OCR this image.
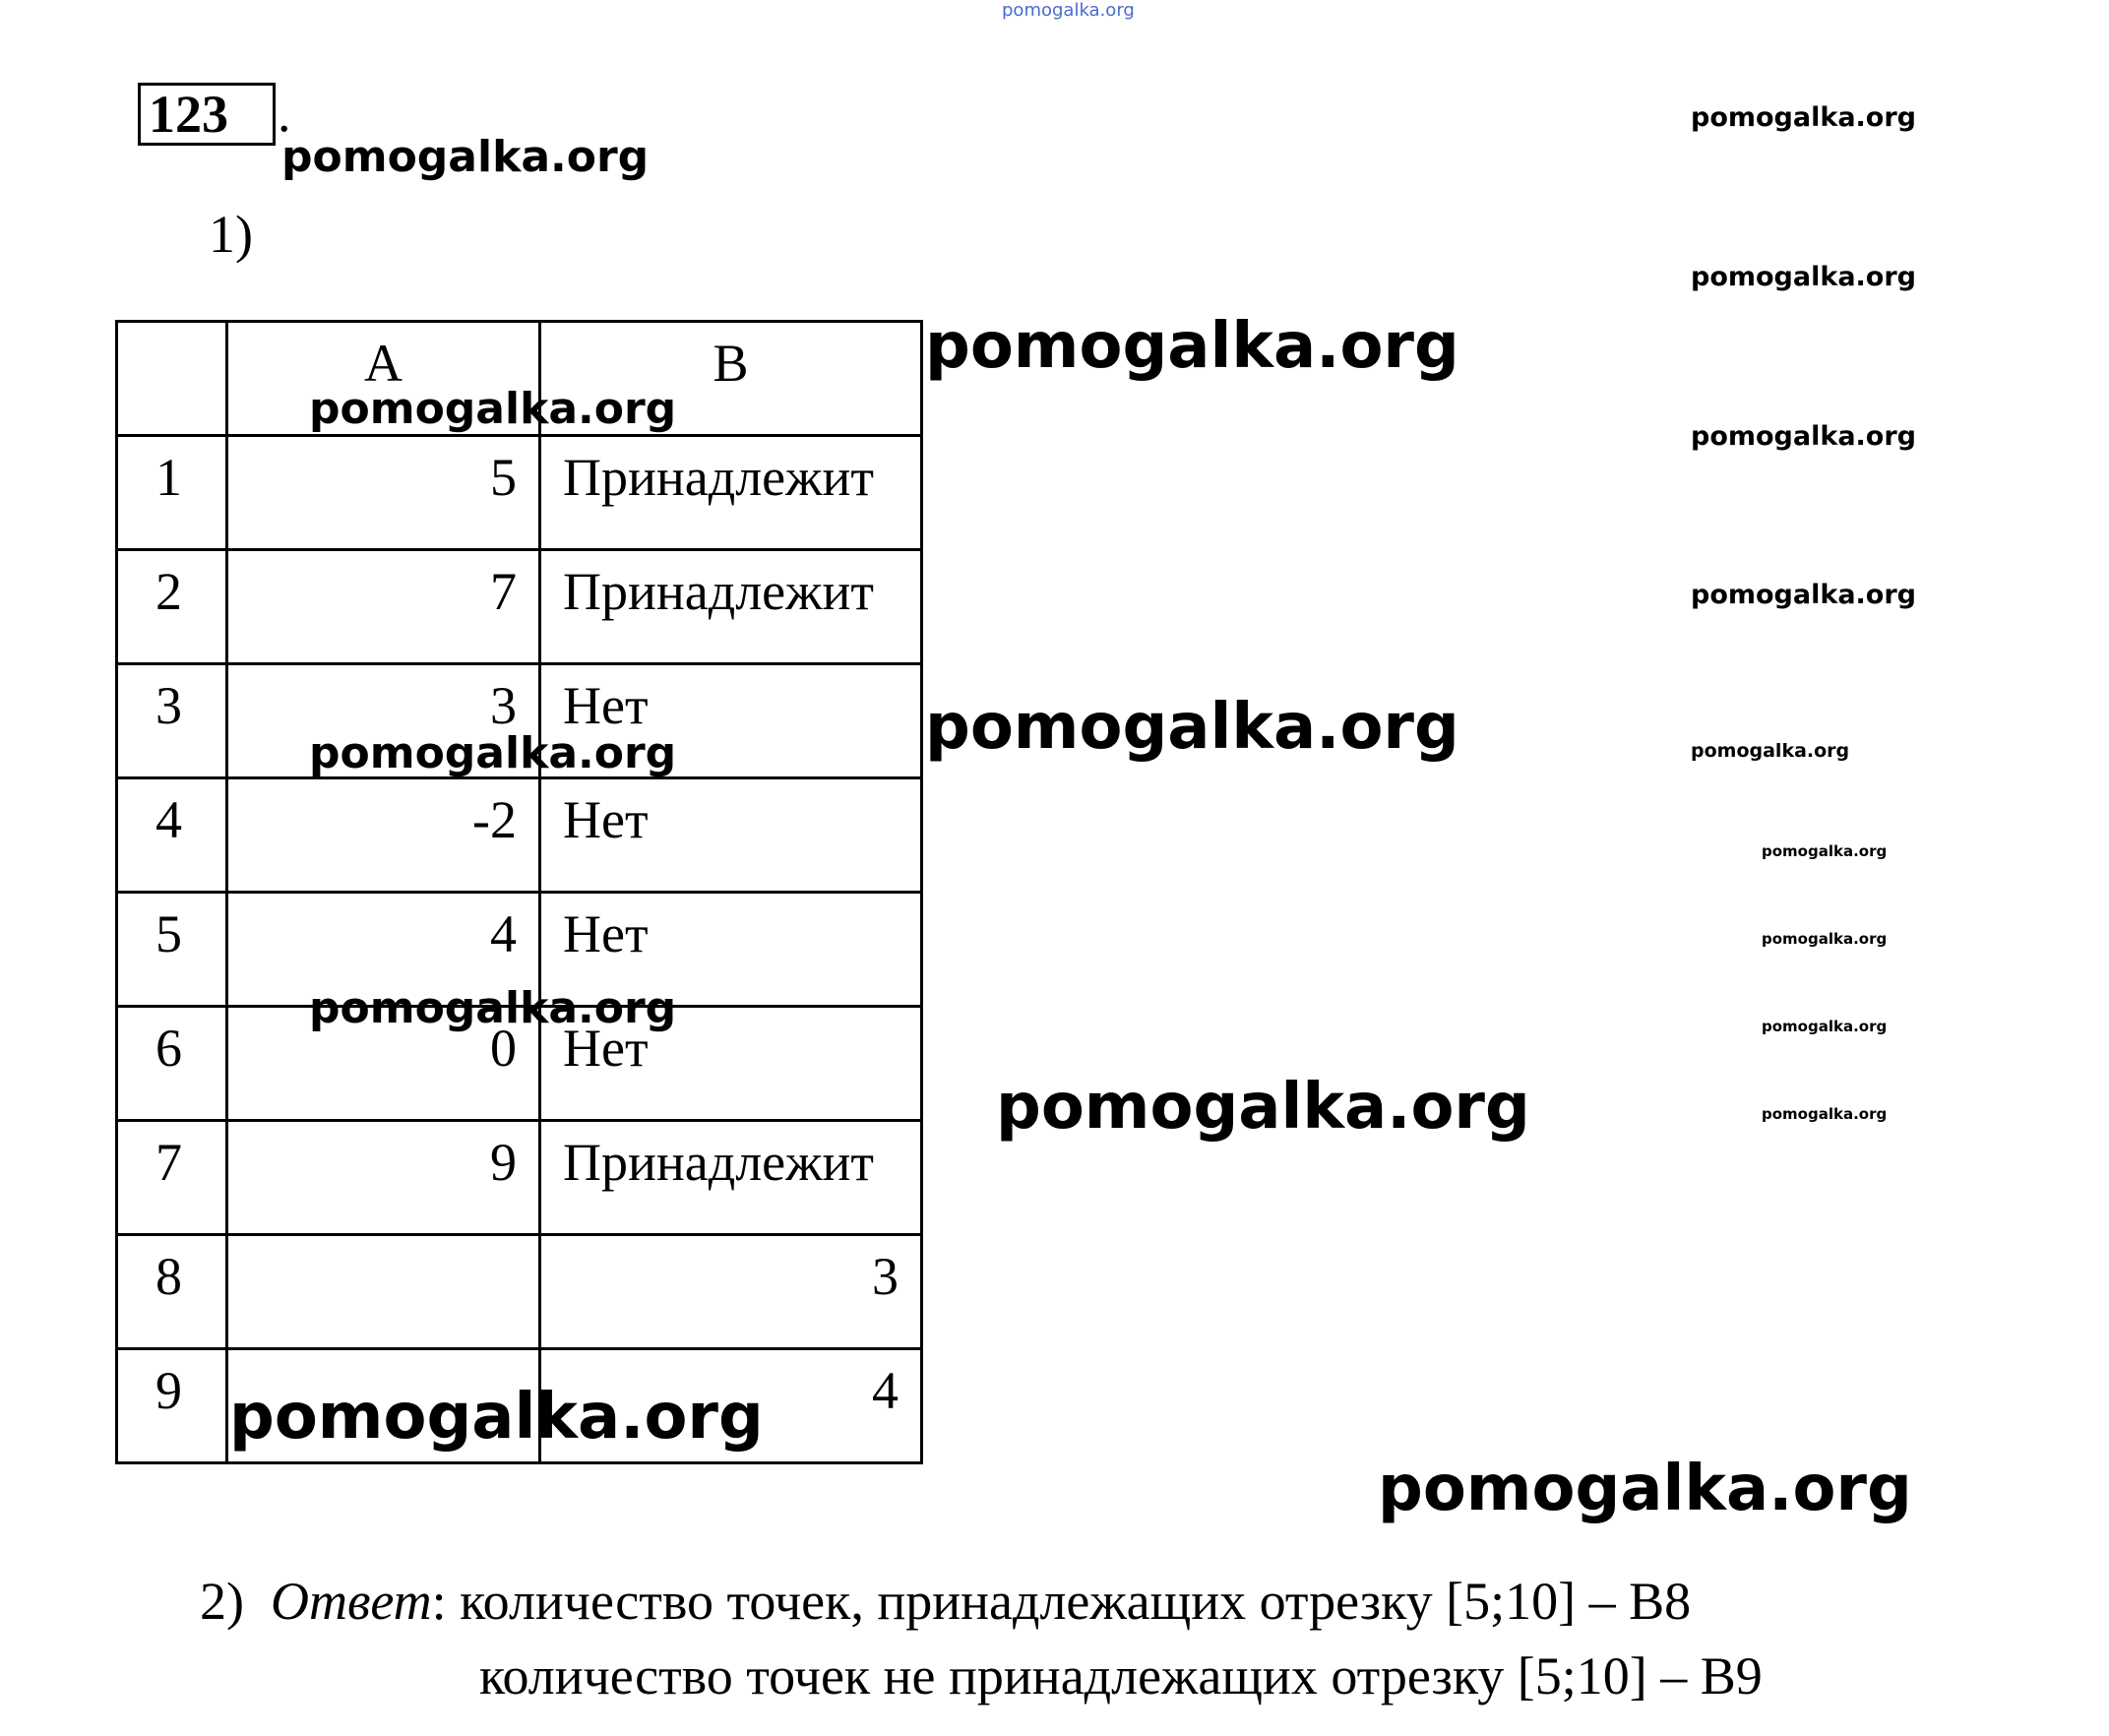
pomogalka.org
pomogalka.org
pomogalka.org
pomogalka.org
pomogalka.org
pomogalka.org
pomogalka.org
pomogalka.org
pomogalka.org
pomogalka.org
pomogalka.org
pomogalka.org
pomogalka.org
pomogalka.org
pomogalka.org
123 .
1)
	A	B
1	5	Принадлежит
2	7	Принадлежит
3	3	Нет
4	-2	Нет
5	4	Нет
6	0	Нет
7	9	Принадлежит
8		3
9		4
pomogalka.org
pomogalka.org
pomogalka.org
pomogalka.org
2) Ответ: количество точек, принадлежащих отрезку [5;10] – B8
количество точек не принадлежащих отрезку [5;10] – B9
